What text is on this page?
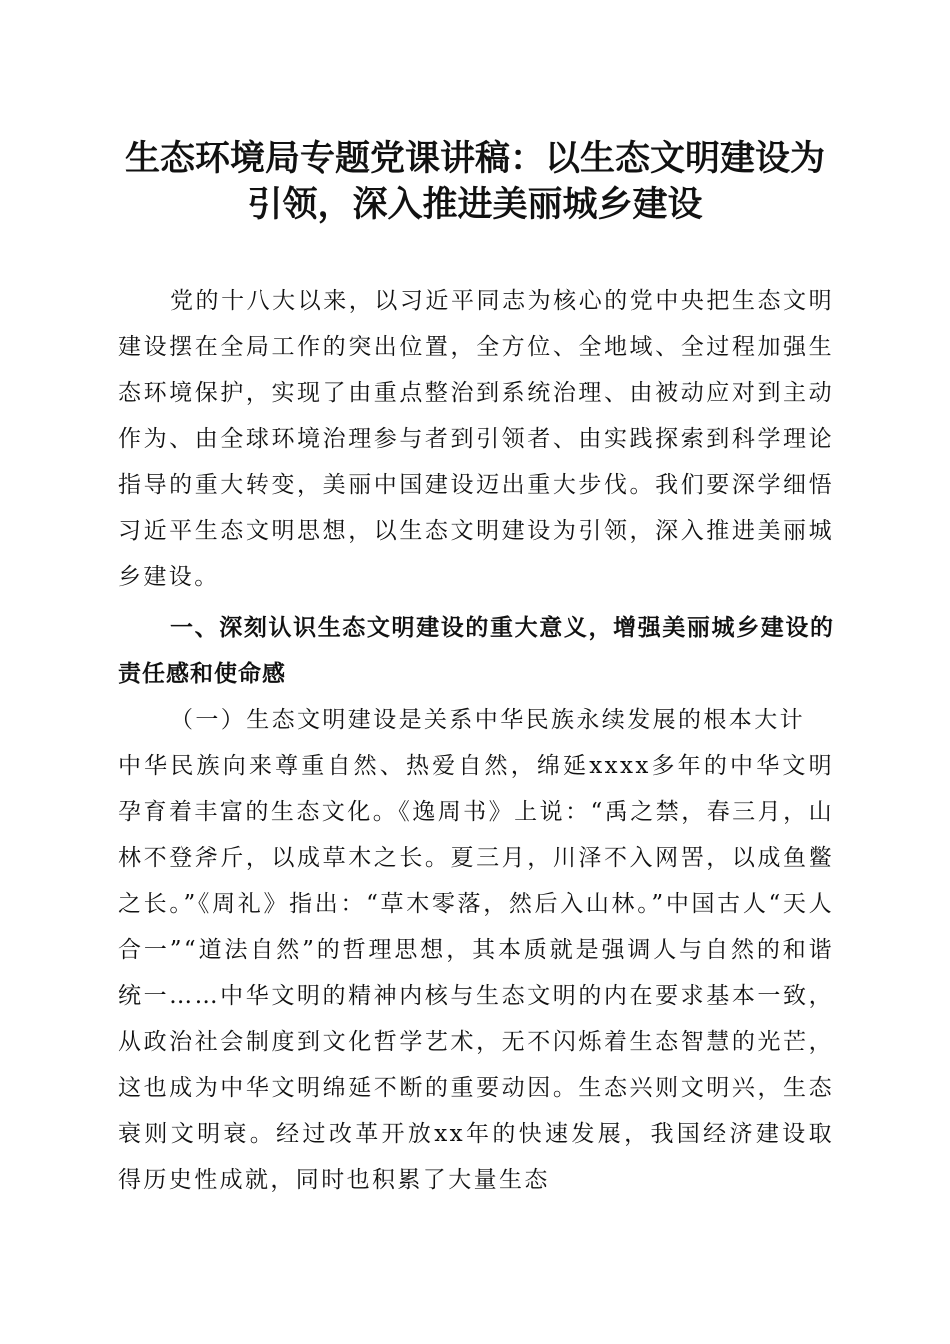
生态环境局专题党课讲稿：以生态文明建设为
引领，深入推进美丽城乡建设

党的十八大以来，以习近平同志为核心的党中央把生态文明建设摆在全局工作的突出位置，全方位、全地域、全过程加强生态环境保护，实现了由重点整治到系统治理、由被动应对到主动作为、由全球环境治理参与者到引领者、由实践探索到科学理论指导的重大转变，美丽中国建设迈出重大步伐。我们要深学细悟习近平生态文明思想，以生态文明建设为引领，深入推进美丽城乡建设。

一、深刻认识生态文明建设的重大意义，增强美丽城乡建设的责任感和使命感

（一）生态文明建设是关系中华民族永续发展的根本大计

中华民族向来尊重自然、热爱自然，绵延xxxx多年的中华文明孕育着丰富的生态文化。《逸周书》上说：“禹之禁，春三月，山林不登斧斤，以成草木之长。夏三月，川泽不入网罟，以成鱼鳖之长。”《周礼》指出：“草木零落，然后入山林。”中国古人“天人合一”“道法自然”的哲理思想，其本质就是强调人与自然的和谐统一……中华文明的精神内核与生态文明的内在要求基本一致，从政治社会制度到文化哲学艺术，无不闪烁着生态智慧的光芒，这也成为中华文明绵延不断的重要动因。生态兴则文明兴，生态衰则文明衰。经过改革开放xx年的快速发展，我国经济建设取得历史性成就，同时也积累了大量生态
